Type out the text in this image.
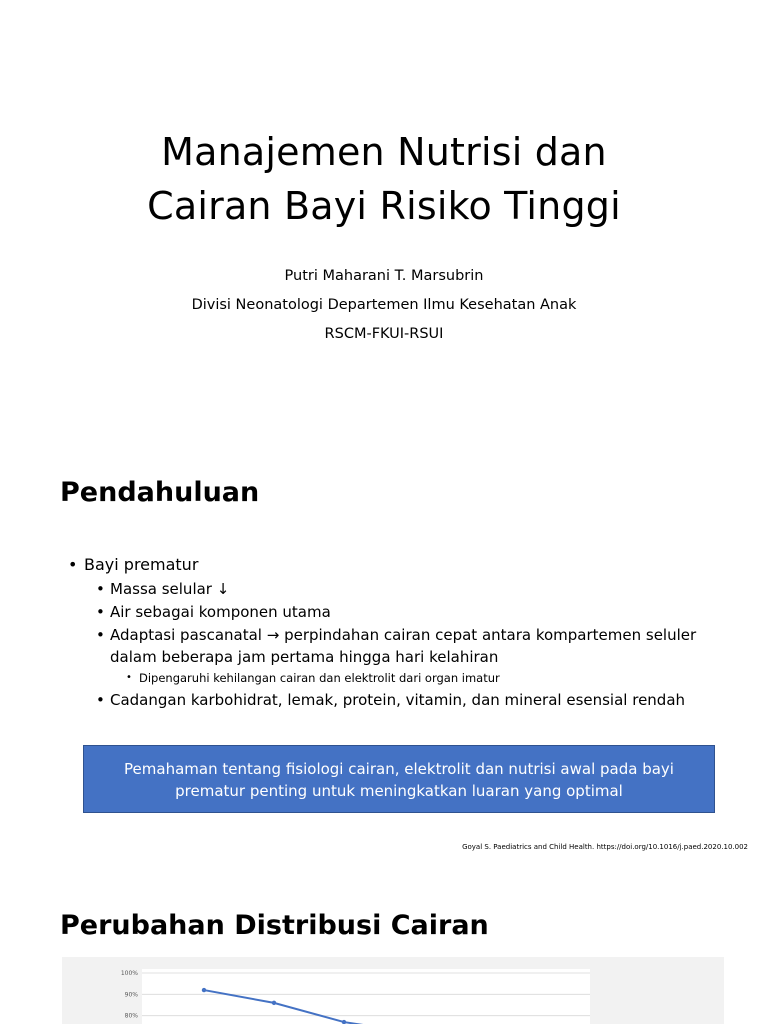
Manajemen Nutrisi dan
Cairan Bayi Risiko Tinggi
Putri Maharani T. Marsubrin
Divisi Neonatologi Departemen Ilmu Kesehatan Anak
RSCM-FKUI-RSUI
Pendahuluan
• Bayi prematur
• Massa selular ↓
• Air sebagai komponen utama
• Adaptasi pascanatal → perpindahan cairan cepat antara kompartemen seluler dalam beberapa jam pertama hingga hari kelahiran
• Dipengaruhi kehilangan cairan dan elektrolit dari organ imatur
• Cadangan karbohidrat, lemak, protein, vitamin, dan mineral esensial rendah
Pemahaman tentang fisiologi cairan, elektrolit dan nutrisi awal pada bayi
prematur penting untuk meningkatkan luaran yang optimal
Goyal S. Paediatrics and Child Health. https://doi.org/10.1016/j.paed.2020.10.002
Perubahan Distribusi Cairan
100%
90%
80%
